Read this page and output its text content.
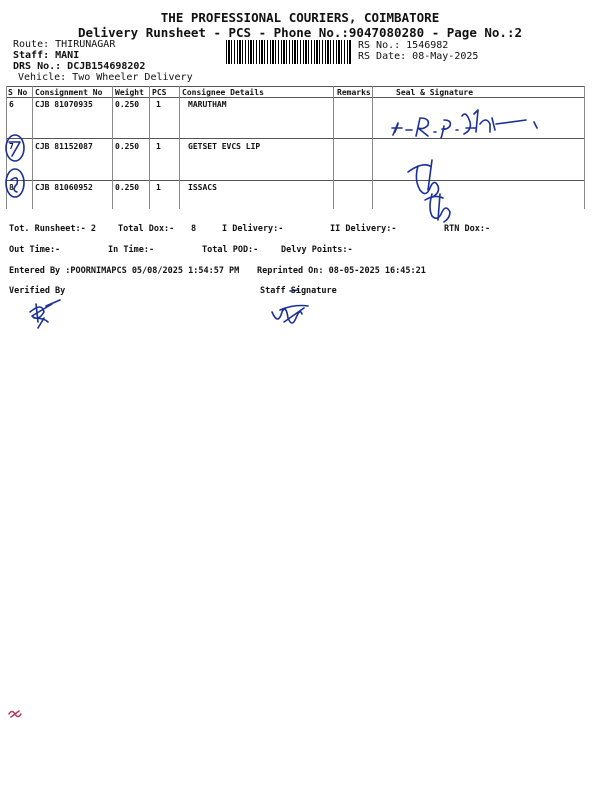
THE PROFESSIONAL COURIERS, COIMBATORE
Delivery Runsheet - PCS - Phone No.:9047080280 - Page No.:2
Route: THIRUNAGAR
Staff: MANI
DRS No.: DCJB154698202
Vehicle: Two Wheeler Delivery
RS No.: 1546982
RS Date: 08-May-2025
S No Consignment No Weight PCS Consignee Details	Remarks	Seal & Signature
6	CJB 81070935	0.250 1	MARUTHAM
7	CJB 81152087	0.250 1	GETSET EVCS LIP
8	CJB 81060952	0.250 1	ISSACS
Tot. Runsheet:- 2	Total Dox:- 8	I Delivery:-	II Delivery:-	RTN Dox:-
Out Time:-	In Time:-	Total POD:-	Delvy Points:-
Entered By :POORNIMAPCS 05/08/2025 1:54:57 PM Reprinted On: 08-05-2025 16:45:21
Verified By	Staff Signature
